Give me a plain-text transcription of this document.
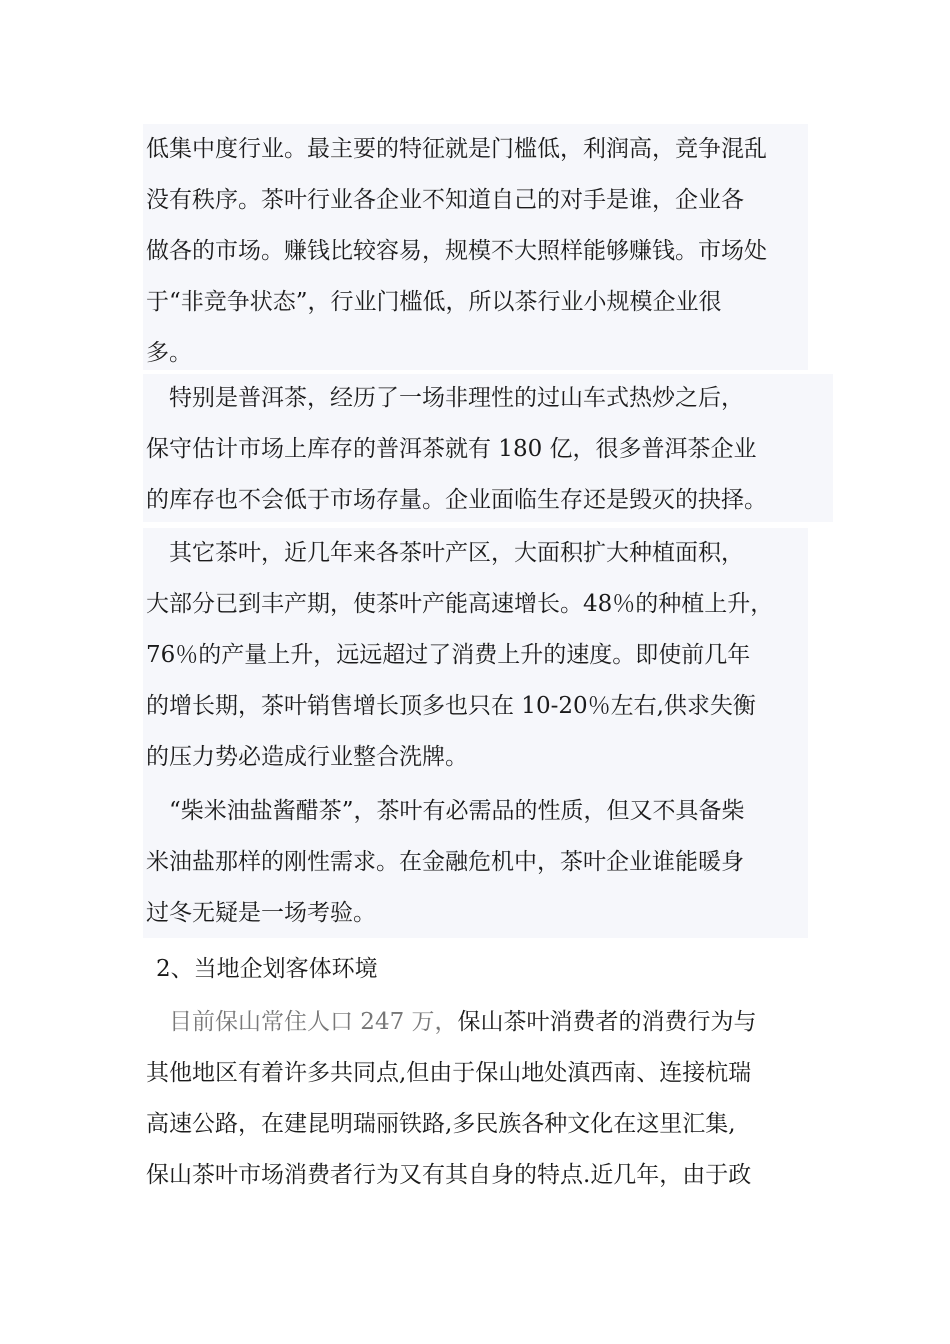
低集中度行业。最主要的特征就是门槛低，利润高，竞争混乱
没有秩序。茶叶行业各企业不知道自己的对手是谁，企业各
做各的市场。赚钱比较容易，规模不大照样能够赚钱。市场处
于“非竞争状态”，行业门槛低，所以茶行业小规模企业很
多。
　特别是普洱茶，经历了一场非理性的过山车式热炒之后，
保守估计市场上库存的普洱茶就有 180 亿，很多普洱茶企业
的库存也不会低于市场存量。企业面临生存还是毁灭的抉择。
　其它茶叶，近几年来各茶叶产区，大面积扩大种植面积，
大部分已到丰产期，使茶叶产能高速增长。48％的种植上升，
76％的产量上升，远远超过了消费上升的速度。即使前几年
的增长期，茶叶销售增长顶多也只在 10-20％左右,供求失衡
的压力势必造成行业整合洗牌。
　“柴米油盐酱醋茶”，茶叶有必需品的性质，但又不具备柴
米油盐那样的刚性需求。在金融危机中，茶叶企业谁能暖身
过冬无疑是一场考验。
2、当地企划客体环境
　目前保山常住人口 247 万，保山茶叶消费者的消费行为与
其他地区有着许多共同点,但由于保山地处滇西南、连接杭瑞
高速公路，在建昆明瑞丽铁路,多民族各种文化在这里汇集,
保山茶叶市场消费者行为又有其自身的特点.近几年，由于政
